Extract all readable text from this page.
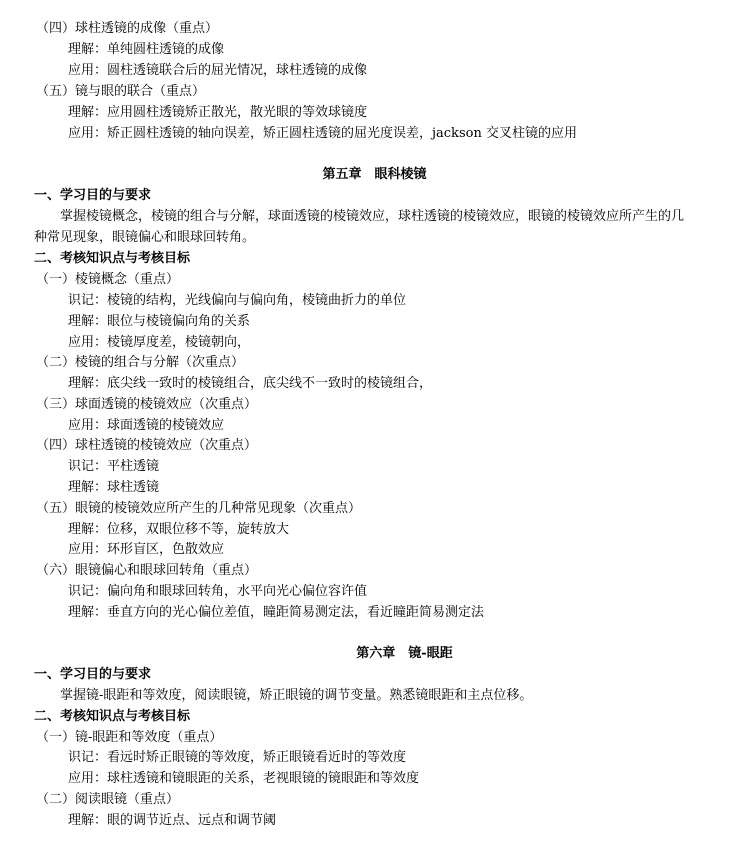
（四）球柱透镜的成像（重点）
理解：单纯圆柱透镜的成像
应用：圆柱透镜联合后的屈光情况，球柱透镜的成像
（五）镜与眼的联合（重点）
理解：应用圆柱透镜矫正散光，散光眼的等效球镜度
应用：矫正圆柱透镜的轴向误差，矫正圆柱透镜的屈光度误差，jackson 交叉柱镜的应用
第五章　眼科棱镜
一、学习目的与要求
掌握棱镜概念，棱镜的组合与分解，球面透镜的棱镜效应，球柱透镜的棱镜效应，眼镜的棱镜效应所产生的几
种常见现象，眼镜偏心和眼球回转角。
二、考核知识点与考核目标
（一）棱镜概念（重点）
识记：棱镜的结构，光线偏向与偏向角，棱镜曲折力的单位
理解：眼位与棱镜偏向角的关系
应用：棱镜厚度差，棱镜朝向，
（二）棱镜的组合与分解（次重点）
理解：底尖线一致时的棱镜组合，底尖线不一致时的棱镜组合，
（三）球面透镜的棱镜效应（次重点）
应用：球面透镜的棱镜效应
（四）球柱透镜的棱镜效应（次重点）
识记：平柱透镜
理解：球柱透镜
（五）眼镜的棱镜效应所产生的几种常见现象（次重点）
理解：位移，双眼位移不等，旋转放大
应用：环形盲区，色散效应
（六）眼镜偏心和眼球回转角（重点）
识记：偏向角和眼球回转角，水平向光心偏位容许值
理解：垂直方向的光心偏位差值，瞳距简易测定法，看近瞳距简易测定法
第六章　镜-眼距
一、学习目的与要求
掌握镜-眼距和等效度，阅读眼镜，矫正眼镜的调节变量。熟悉镜眼距和主点位移。
二、考核知识点与考核目标
（一）镜-眼距和等效度（重点）
识记：看远时矫正眼镜的等效度，矫正眼镜看近时的等效度
应用：球柱透镜和镜眼距的关系，老视眼镜的镜眼距和等效度
（二）阅读眼镜（重点）
理解：眼的调节近点、远点和调节阈
